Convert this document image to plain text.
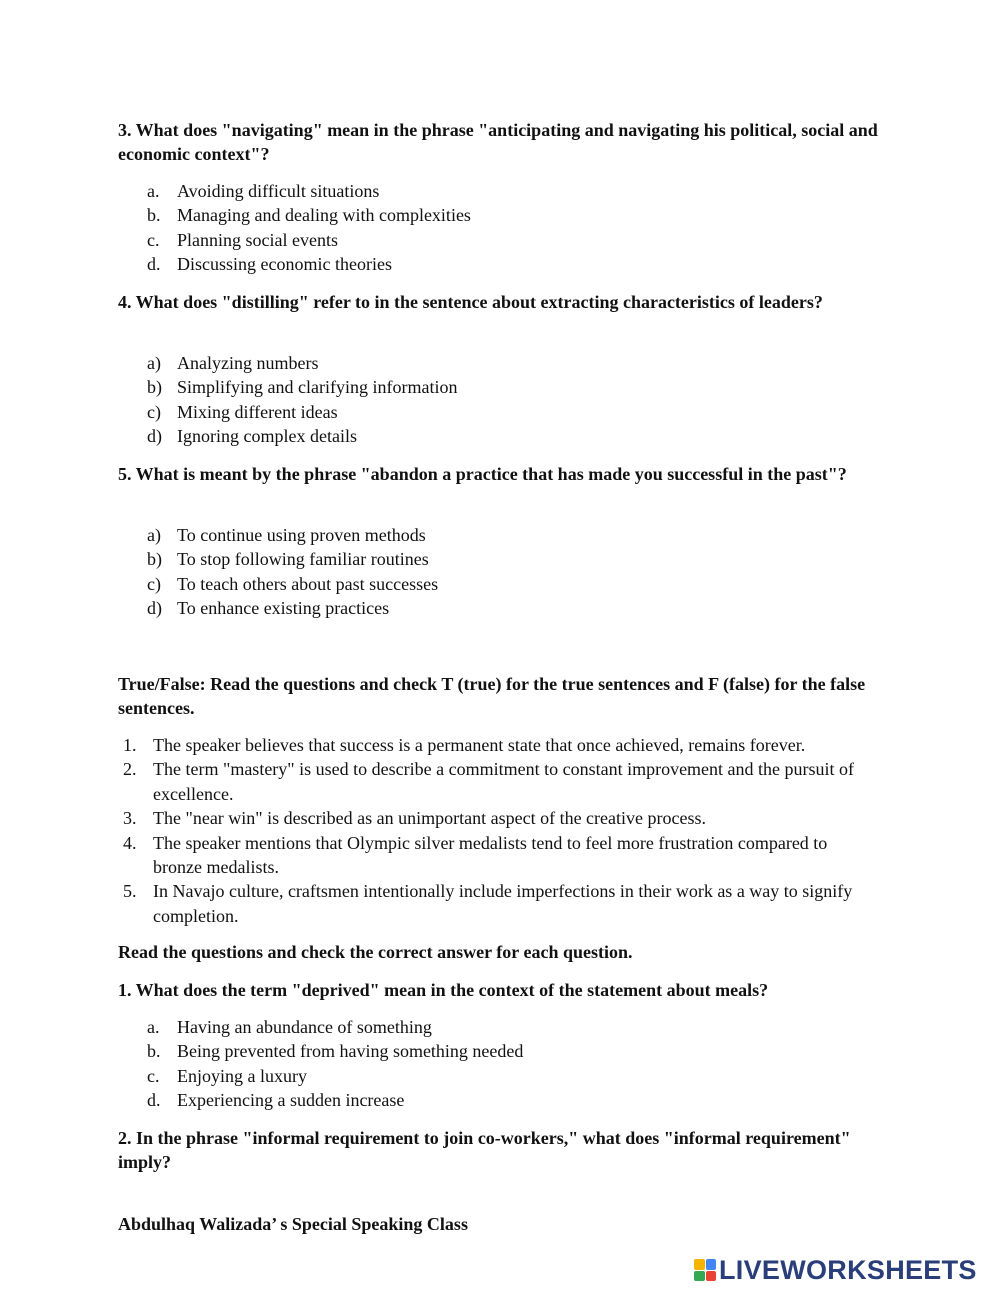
3. What does "navigating" mean in the phrase "anticipating and navigating his political, social and economic context"?

a. Avoiding difficult situations
b. Managing and dealing with complexities
c. Planning social events
d. Discussing economic theories

4. What does "distilling" refer to in the sentence about extracting characteristics of leaders?

a) Analyzing numbers
b) Simplifying and clarifying information
c) Mixing different ideas
d) Ignoring complex details

5. What is meant by the phrase "abandon a practice that has made you successful in the past"?

a) To continue using proven methods
b) To stop following familiar routines
c) To teach others about past successes
d) To enhance existing practices

True/False: Read the questions and check T (true) for the true sentences and F (false) for the false sentences.

1. The speaker believes that success is a permanent state that once achieved, remains forever.
2. The term "mastery" is used to describe a commitment to constant improvement and the pursuit of excellence.
3. The "near win" is described as an unimportant aspect of the creative process.
4. The speaker mentions that Olympic silver medalists tend to feel more frustration compared to bronze medalists.
5. In Navajo culture, craftsmen intentionally include imperfections in their work as a way to signify completion.

Read the questions and check the correct answer for each question.

1. What does the term "deprived" mean in the context of the statement about meals?

a. Having an abundance of something
b. Being prevented from having something needed
c. Enjoying a luxury
d. Experiencing a sudden increase

2. In the phrase "informal requirement to join co-workers," what does "informal requirement" imply?

Abdulhaq Walizada’ s Special Speaking Class
LIVEWORKSHEETS
